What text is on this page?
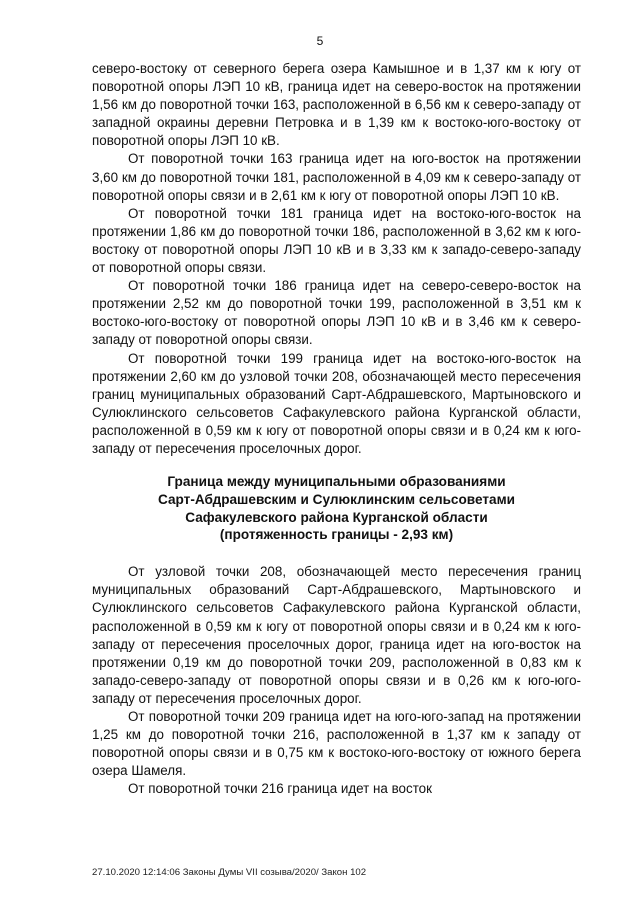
5

северо-востоку от северного берега озера Камышное и в 1,37 км к югу от поворотной опоры ЛЭП 10 кВ, граница идет на северо-восток на протяжении 1,56 км до поворотной точки 163, расположенной в 6,56 км к северо-западу от западной окраины деревни Петровка и в 1,39 км к востоко-юго-востоку от поворотной опоры ЛЭП 10 кВ.

От поворотной точки 163 граница идет на юго-восток на протяжении 3,60 км до поворотной точки 181, расположенной в 4,09 км к северо-западу от поворотной опоры связи и в 2,61 км к югу от поворотной опоры ЛЭП 10 кВ.

От поворотной точки 181 граница идет на востоко-юго-восток на протяжении 1,86 км до поворотной точки 186, расположенной в 3,62 км к юго-востоку от поворотной опоры ЛЭП 10 кВ и в 3,33 км к западо-северо-западу от поворотной опоры связи.

От поворотной точки 186 граница идет на северо-северо-восток на протяжении 2,52 км до поворотной точки 199, расположенной в 3,51 км к востоко-юго-востоку от поворотной опоры ЛЭП 10 кВ и в 3,46 км к северо-западу от поворотной опоры связи.

От поворотной точки 199 граница идет на востоко-юго-восток на протяжении 2,60 км до узловой точки 208, обозначающей место пересечения границ муниципальных образований Сарт-Абдрашевского, Мартыновского и Сулюклинского сельсоветов Сафакулевского района Курганской области, расположенной в 0,59 км к югу от поворотной опоры связи и в 0,24 км к юго-западу от пересечения проселочных дорог.

Граница между муниципальными образованиями
Сарт-Абдрашевским и Сулюклинским сельсоветами
Сафакулевского района Курганской области
(протяженность границы - 2,93 км)

От узловой точки 208, обозначающей место пересечения границ муниципальных образований Сарт-Абдрашевского, Мартыновского и Сулюклинского сельсоветов Сафакулевского района Курганской области, расположенной в 0,59 км к югу от поворотной опоры связи и в 0,24 км к юго-западу от пересечения проселочных дорог, граница идет на юго-восток на протяжении 0,19 км до поворотной точки 209, расположенной в 0,83 км к западо-северо-западу от поворотной опоры связи и в 0,26 км к юго-юго-западу от пересечения проселочных дорог.

От поворотной точки 209 граница идет на юго-юго-запад на протяжении 1,25 км до поворотной точки 216, расположенной в 1,37 км к западу от поворотной опоры связи и в 0,75 км к востоко-юго-востоку от южного берега озера Шамеля.

От поворотной точки 216 граница идет на восток

27.10.2020 12:14:06 Законы Думы VII созыва/2020/ Закон 102
